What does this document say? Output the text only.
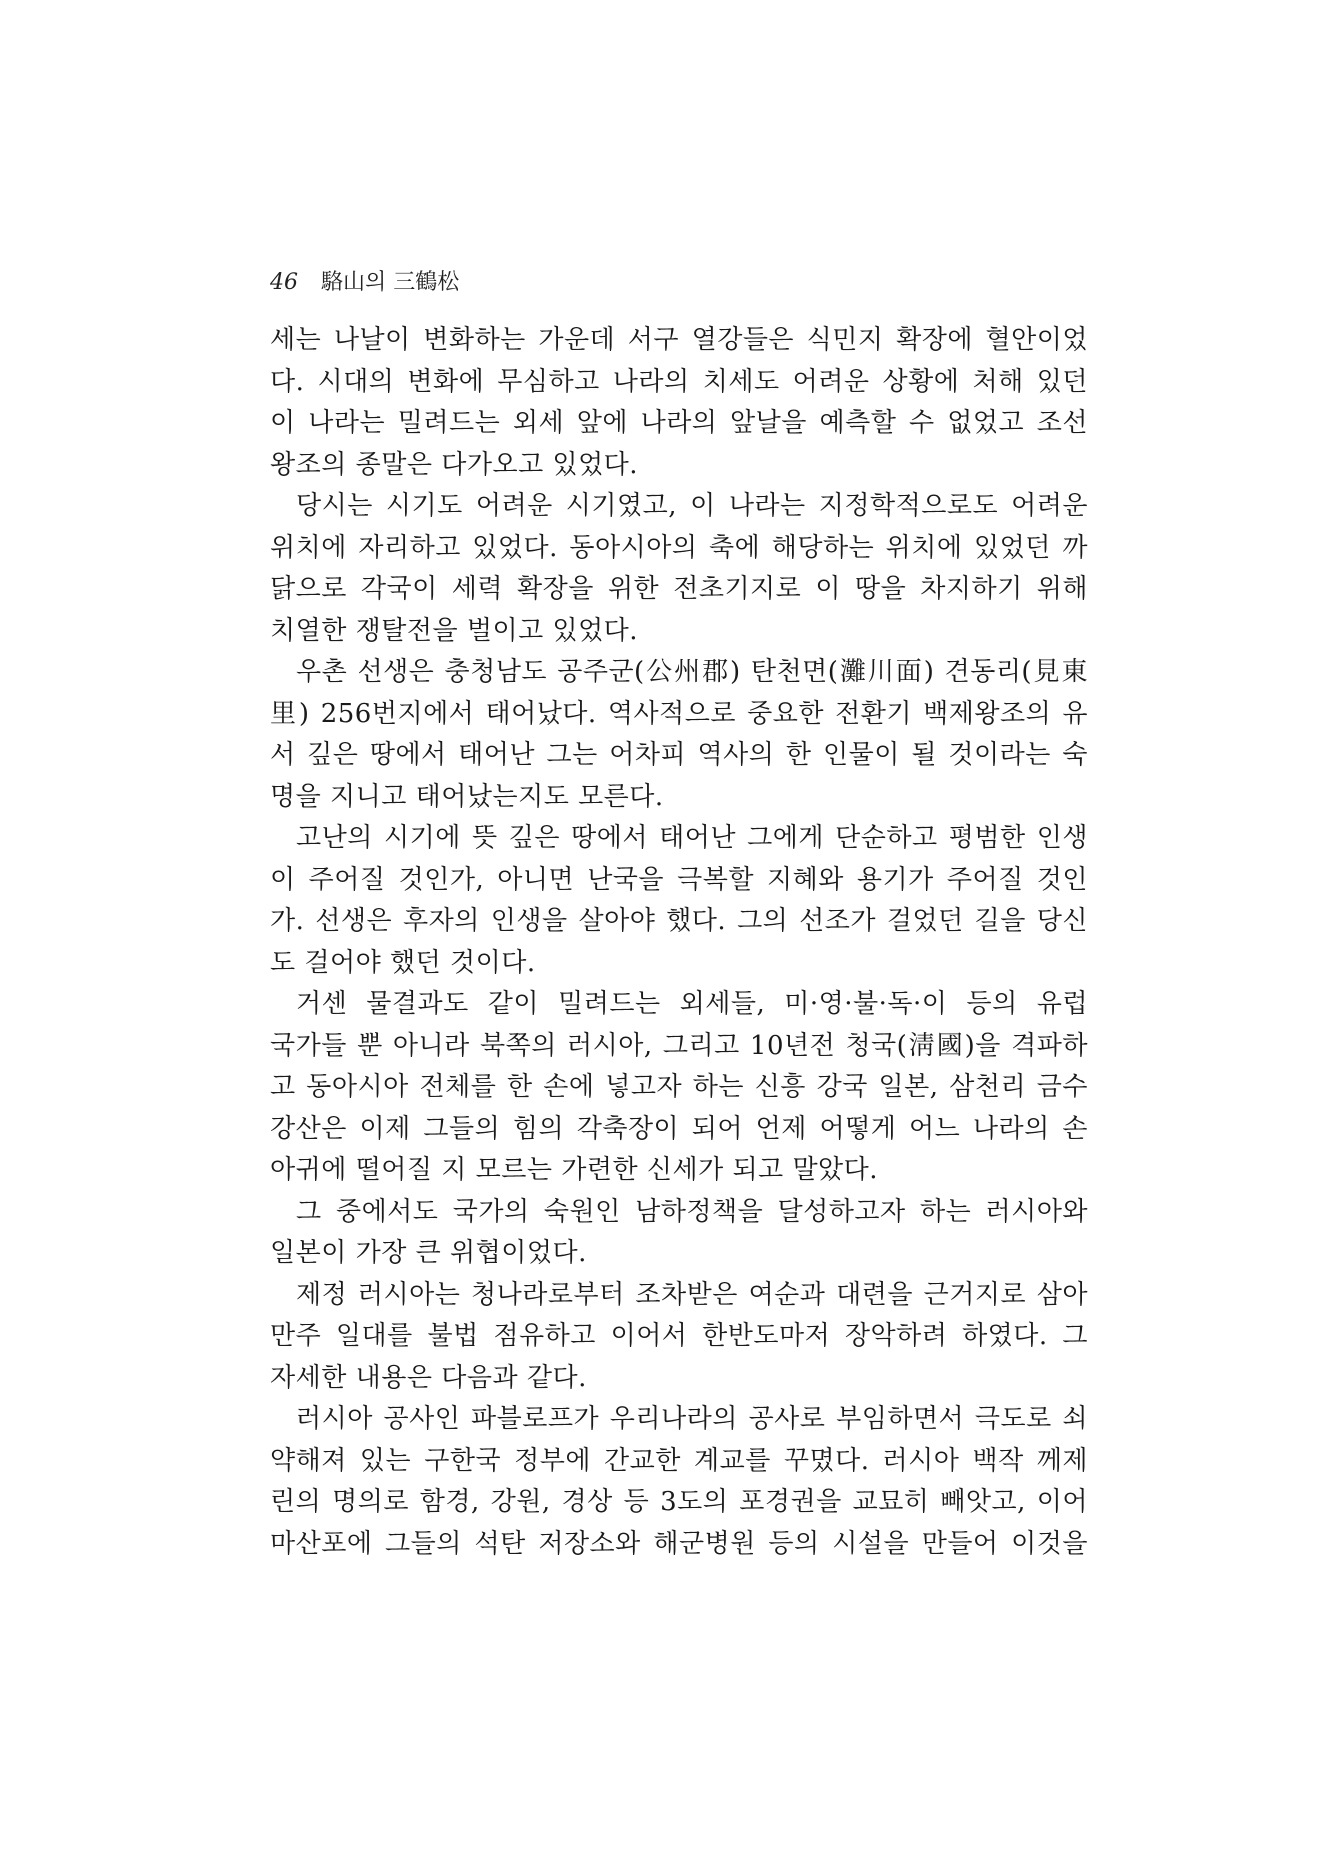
46 駱山의 三鶴松
세는 나날이 변화하는 가운데 서구 열강들은 식민지 확장에 혈안이었
다. 시대의 변화에 무심하고 나라의 치세도 어려운 상황에 처해 있던
이 나라는 밀려드는 외세 앞에 나라의 앞날을 예측할 수 없었고 조선
왕조의 종말은 다가오고 있었다.
당시는 시기도 어려운 시기였고, 이 나라는 지정학적으로도 어려운
위치에 자리하고 있었다. 동아시아의 축에 해당하는 위치에 있었던 까
닭으로 각국이 세력 확장을 위한 전초기지로 이 땅을 차지하기 위해
치열한 쟁탈전을 벌이고 있었다.
우촌 선생은 충청남도 공주군(公州郡) 탄천면(灘川面) 견동리(見東
里) 256번지에서 태어났다. 역사적으로 중요한 전환기 백제왕조의 유
서 깊은 땅에서 태어난 그는 어차피 역사의 한 인물이 될 것이라는 숙
명을 지니고 태어났는지도 모른다.
고난의 시기에 뜻 깊은 땅에서 태어난 그에게 단순하고 평범한 인생
이 주어질 것인가, 아니면 난국을 극복할 지혜와 용기가 주어질 것인
가. 선생은 후자의 인생을 살아야 했다. 그의 선조가 걸었던 길을 당신
도 걸어야 했던 것이다.
거센 물결과도 같이 밀려드는 외세들, 미·영·불·독·이 등의 유럽
국가들 뿐 아니라 북쪽의 러시아, 그리고 10년전 청국(淸國)을 격파하
고 동아시아 전체를 한 손에 넣고자 하는 신흥 강국 일본, 삼천리 금수
강산은 이제 그들의 힘의 각축장이 되어 언제 어떻게 어느 나라의 손
아귀에 떨어질 지 모르는 가련한 신세가 되고 말았다.
그 중에서도 국가의 숙원인 남하정책을 달성하고자 하는 러시아와
일본이 가장 큰 위협이었다.
제정 러시아는 청나라로부터 조차받은 여순과 대련을 근거지로 삼아
만주 일대를 불법 점유하고 이어서 한반도마저 장악하려 하였다. 그
자세한 내용은 다음과 같다.
러시아 공사인 파블로프가 우리나라의 공사로 부임하면서 극도로 쇠
약해져 있는 구한국 정부에 간교한 계교를 꾸몄다. 러시아 백작 께제
린의 명의로 함경, 강원, 경상 등 3도의 포경권을 교묘히 빼앗고, 이어
마산포에 그들의 석탄 저장소와 해군병원 등의 시설을 만들어 이것을
